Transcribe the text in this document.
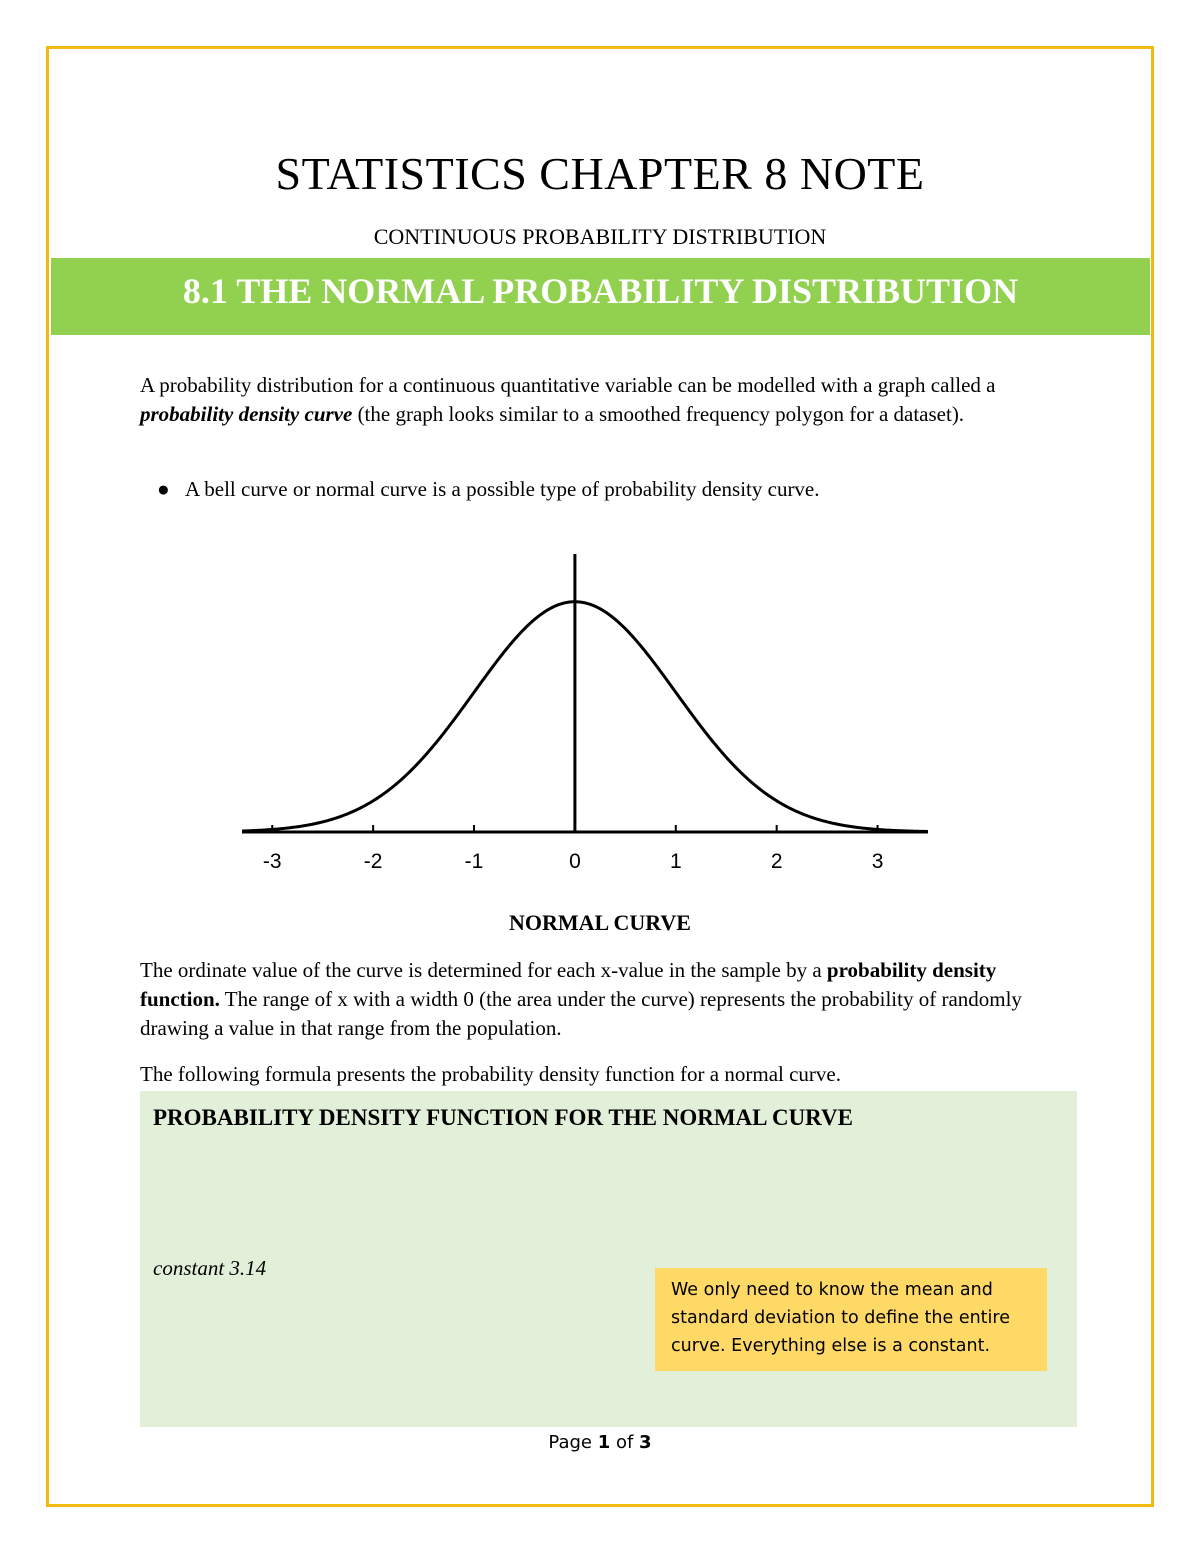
STATISTICS CHAPTER 8 NOTE
CONTINUOUS PROBABILITY DISTRIBUTION
8.1 THE NORMAL PROBABILITY DISTRIBUTION

A probability distribution for a continuous quantitative variable can be modelled with a graph called a probability density curve (the graph looks similar to a smoothed frequency polygon for a dataset).

● A bell curve or normal curve is a possible type of probability density curve.
-3	-2	-1	0	1	2	3
NORMAL CURVE

The ordinate value of the curve is determined for each x-value in the sample by a probability density function. The range of x with a width 0 (the area under the curve) represents the probability of randomly drawing a value in that range from the population.

The following formula presents the probability density function for a normal curve.

PROBABILITY DENSITY FUNCTION FOR THE NORMAL CURVE
constant 3.14
We only need to know the mean and standard deviation to define the entire curve. Everything else is a constant.
Page 1 of 3
